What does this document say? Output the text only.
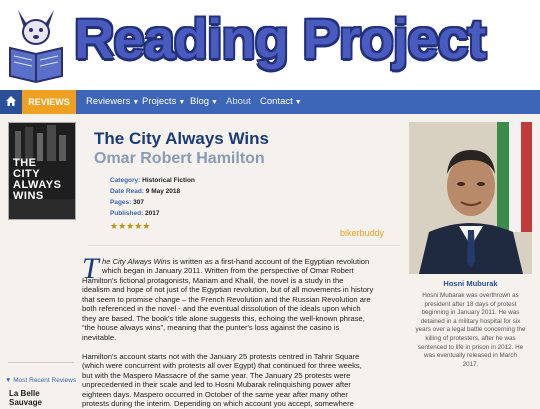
Reading Project
REVIEWS	Reviewers ▼ Projects ▼ Blog ▼ About Contact ▼
THE
CITY
ALWAYS
WINS
▼ Most Recent Reviews
La Belle
Sauvage
The City Always Wins
Omar Robert Hamilton
Category: Historical Fiction
Date Read: 9 May 2018
Pages: 307
Published: 2017
★★★★★
bikerbuddy
T he City Always Wins is written as a first-hand account of the Egyptian revolution
which began in January 2011. Written from the perspective of Omar Robert
Hamilton's fictional protagonists, Mariam and Khalil, the novel is a study in the
idealism and hope of not just of the Egyptian revolution, but of all movements in history
that seem to promise change – the French Revolution and the Russian Revolution are
both referenced in the novel - and the eventual dissolution of the ideals upon which
they are based. The book's title alone suggests this, echoing the well-known phrase,
“the house always wins”, meaning that the punter's loss against the casino is
inevitable.
Hamilton's account starts not with the January 25 protests centred in Tahrir Square
(which were concurrent with protests all over Egypt) that continued for three weeks,
but with the Maspero Massacre of the same year. The January 25 protests were
unprecedented in their scale and led to Hosni Mubarak relinquishing power after
eighteen days. Maspero occurred in October of the same year after many other
protests during the interim. Depending on which account you accept, somewhere
Hosni Muburak
Hosni Mubarak was overthrown as
president after 18 days of protest
beginning in January 2011. He was
detained in a military hospital for six
years over a legal battle concerning the
killing of protesters, after he was
sentenced to life in prison in 2012. He
was eventually released in March
2017.
